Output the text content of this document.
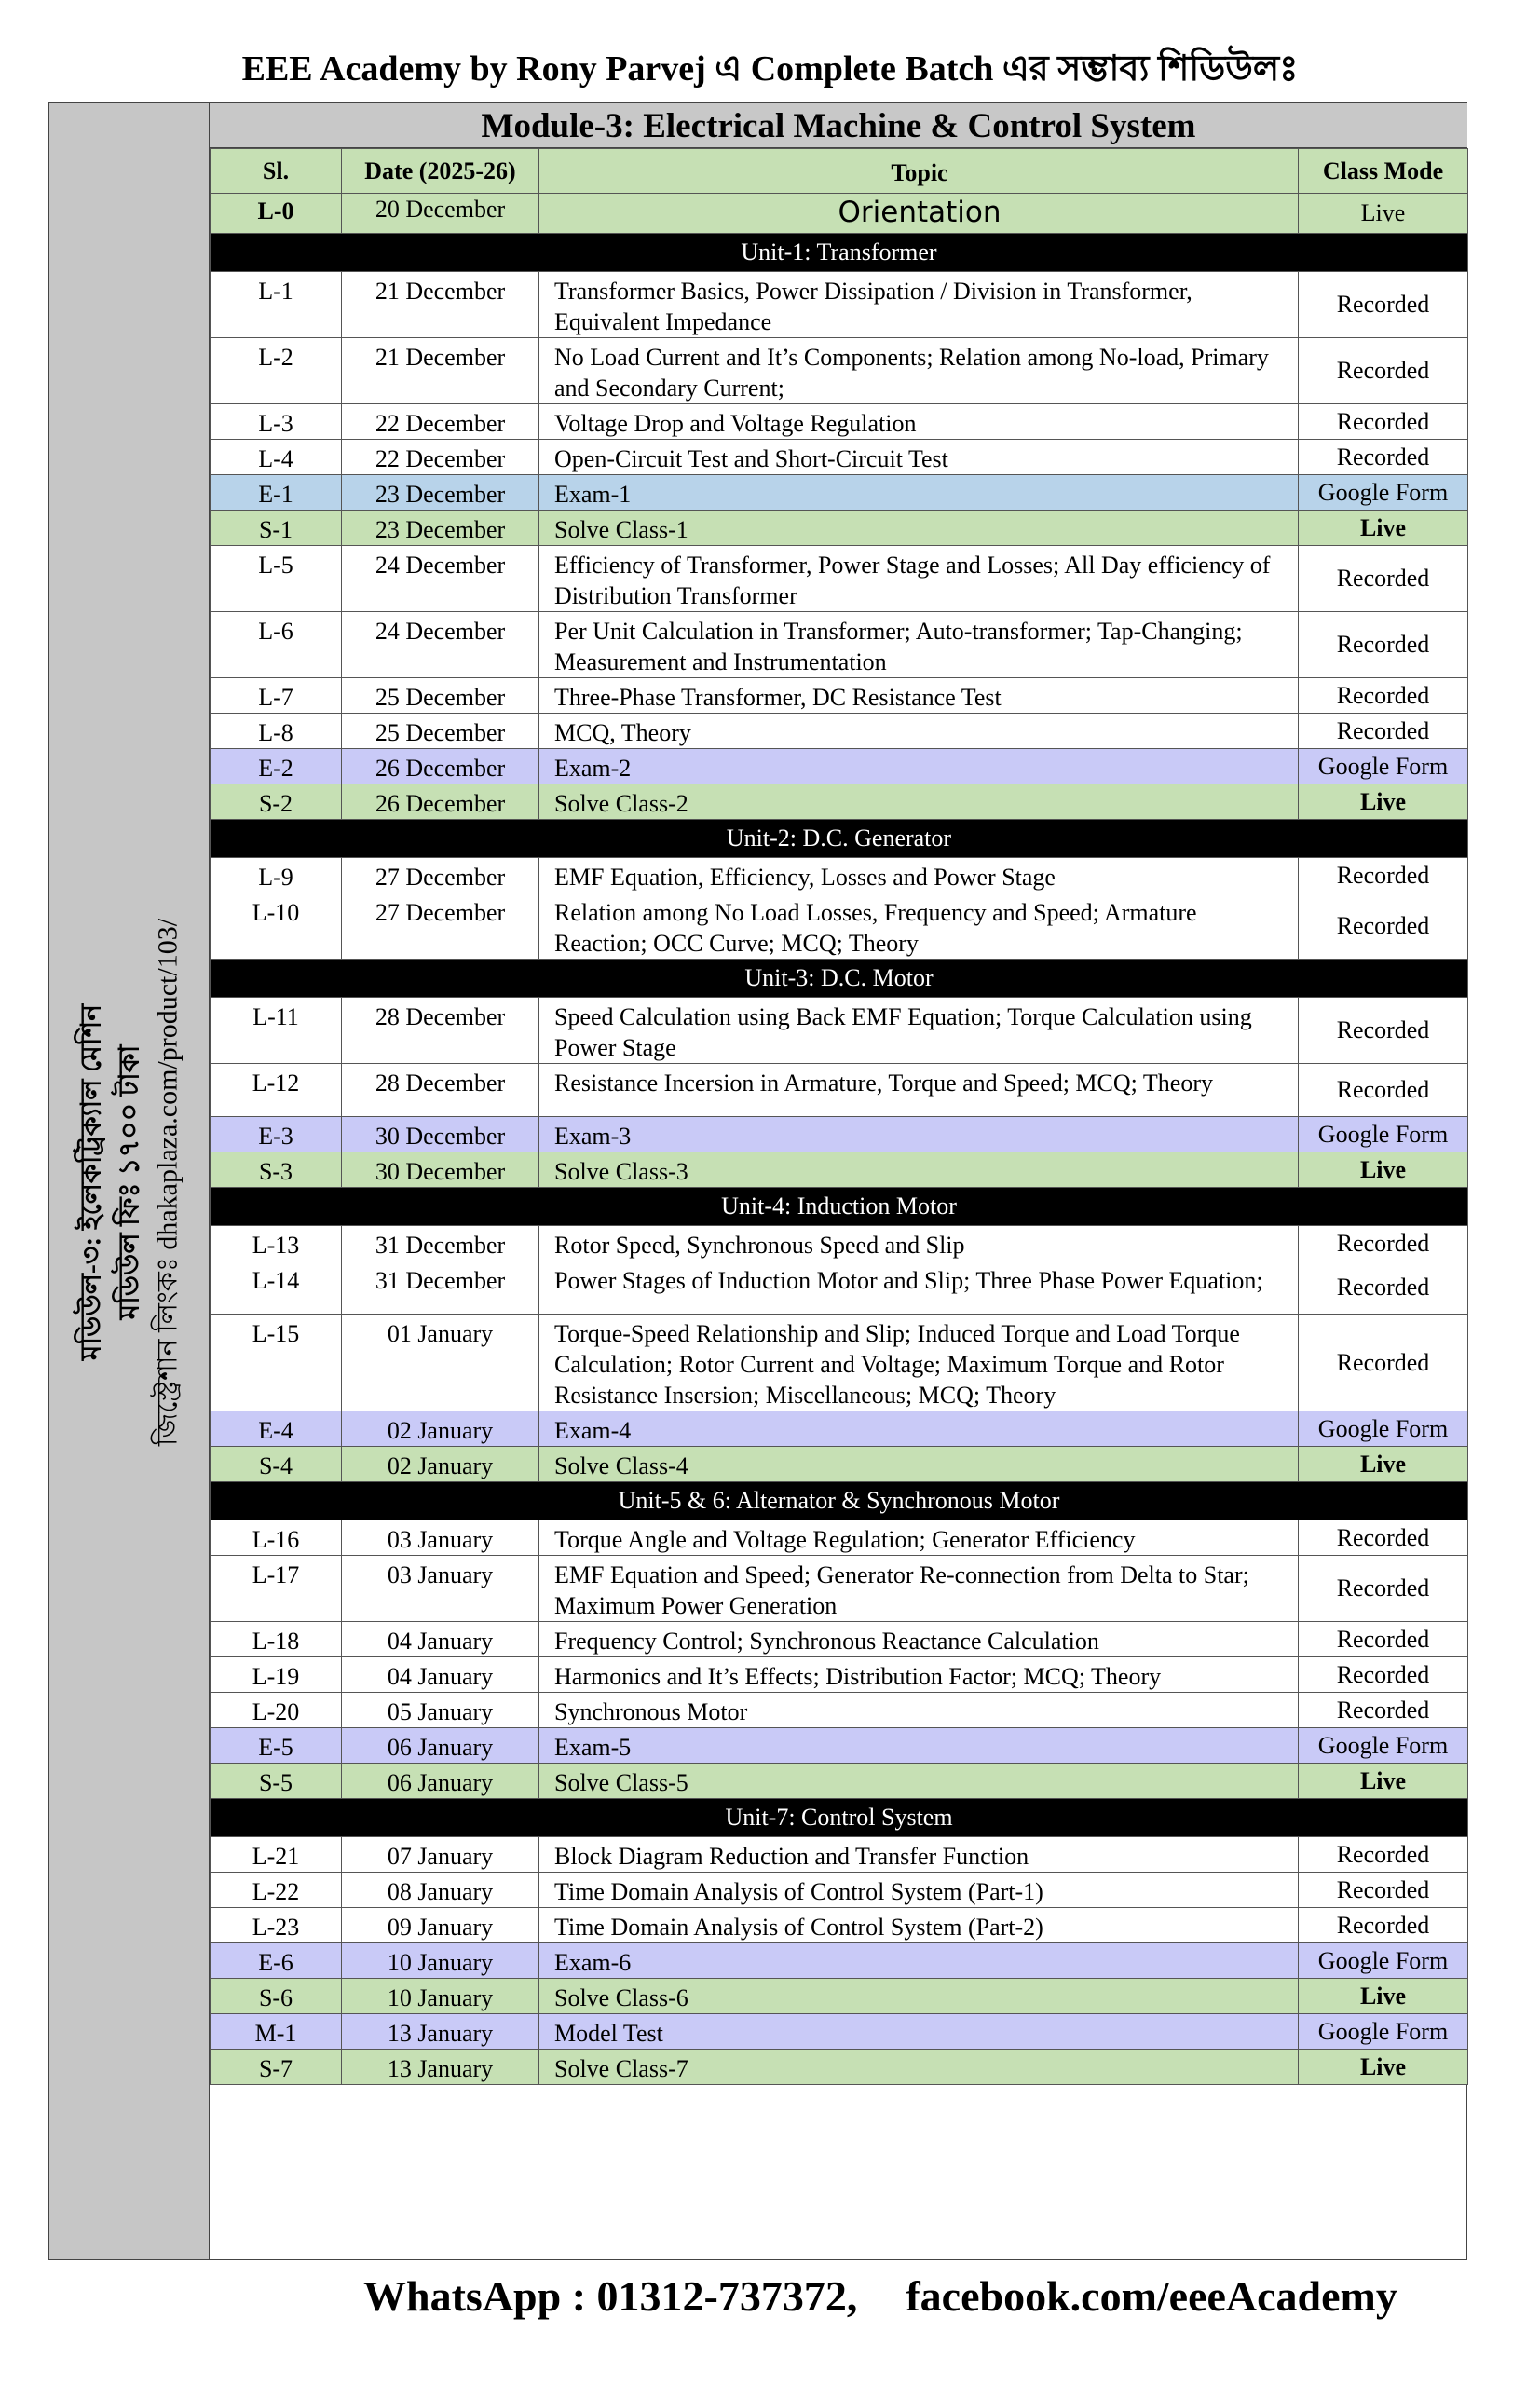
EEE Academy by Rony Parvej এ Complete Batch এর সম্ভাব্য শিডিউলঃ
মডিউল-৩: ইলেকট্রিক্যাল মেশিন মডিউল ফিঃ ১৭০০ টাকা জিস্ট্রেশান লিংকঃ dhakaplaza.com/product/103/
Module-3: Electrical Machine & Control System
Sl.	Date (2025-26)	Topic	Class Mode
L-0	20 December	Orientation	Live
Unit-1: Transformer			
L-1	21 December	Transformer Basics, Power Dissipation / Division in Transformer, Equivalent Impedance	Recorded
L-2	21 December	No Load Current and It’s Components; Relation among No-load, Primary and Secondary Current;	Recorded
L-3	22 December	Voltage Drop and Voltage Regulation	Recorded
L-4	22 December	Open-Circuit Test and Short-Circuit Test	Recorded
E-1	23 December	Exam-1	Google Form
S-1	23 December	Solve Class-1	Live
L-5	24 December	Efficiency of Transformer, Power Stage and Losses; All Day efficiency of Distribution Transformer	Recorded
L-6	24 December	Per Unit Calculation in Transformer; Auto-transformer; Tap-Changing; Measurement and Instrumentation	Recorded
L-7	25 December	Three-Phase Transformer, DC Resistance Test	Recorded
L-8	25 December	MCQ, Theory	Recorded
E-2	26 December	Exam-2	Google Form
S-2	26 December	Solve Class-2	Live
Unit-2: D.C. Generator			
L-9	27 December	EMF Equation, Efficiency, Losses and Power Stage	Recorded
L-10	27 December	Relation among No Load Losses, Frequency and Speed; Armature Reaction; OCC Curve; MCQ; Theory	Recorded
Unit-3: D.C. Motor			
L-11	28 December	Speed Calculation using Back EMF Equation; Torque Calculation using Power Stage	Recorded
L-12	28 December	Resistance Incersion in Armature, Torque and Speed; MCQ; Theory	Recorded
E-3	30 December	Exam-3	Google Form
S-3	30 December	Solve Class-3	Live
Unit-4: Induction Motor			
L-13	31 December	Rotor Speed, Synchronous Speed and Slip	Recorded
L-14	31 December	Power Stages of Induction Motor and Slip; Three Phase Power Equation;	Recorded
L-15	01 January	Torque-Speed Relationship and Slip; Induced Torque and Load Torque Calculation; Rotor Current and Voltage; Maximum Torque and Rotor Resistance Insersion; Miscellaneous; MCQ; Theory	Recorded
E-4	02 January	Exam-4	Google Form
S-4	02 January	Solve Class-4	Live
Unit-5 & 6: Alternator & Synchronous Motor			
L-16	03 January	Torque Angle and Voltage Regulation; Generator Efficiency	Recorded
L-17	03 January	EMF Equation and Speed; Generator Re-connection from Delta to Star; Maximum Power Generation	Recorded
L-18	04 January	Frequency Control; Synchronous Reactance Calculation	Recorded
L-19	04 January	Harmonics and It’s Effects; Distribution Factor; MCQ; Theory	Recorded
L-20	05 January	Synchronous Motor	Recorded
E-5	06 January	Exam-5	Google Form
S-5	06 January	Solve Class-5	Live
Unit-7: Control System			
L-21	07 January	Block Diagram Reduction and Transfer Function	Recorded
L-22	08 January	Time Domain Analysis of Control System (Part-1)	Recorded
L-23	09 January	Time Domain Analysis of Control System (Part-2)	Recorded
E-6	10 January	Exam-6	Google Form
S-6	10 January	Solve Class-6	Live
M-1	13 January	Model Test	Google Form
S-7	13 January	Solve Class-7	Live
WhatsApp : 01312-737372, facebook.com/eeeAcademy
